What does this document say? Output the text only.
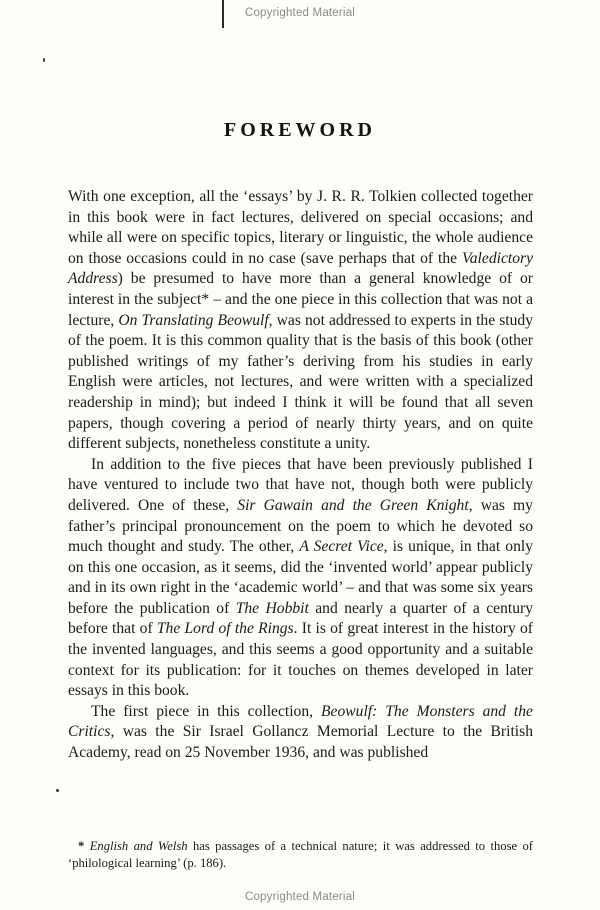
Copyrighted Material
FOREWORD

With one exception, all the ‘essays’ by J. R. R. Tolkien collected together in this book were in fact lectures, delivered on special occasions; and while all were on specific topics, literary or linguistic, the whole audience on those occasions could in no case (save perhaps that of the Valedictory Address) be presumed to have more than a general knowledge of or interest in the subject* – and the one piece in this collection that was not a lecture, On Translating Beowulf, was not addressed to experts in the study of the poem. It is this common quality that is the basis of this book (other published writings of my father’s deriving from his studies in early English were articles, not lectures, and were written with a specialized readership in mind); but indeed I think it will be found that all seven papers, though covering a period of nearly thirty years, and on quite different subjects, nonetheless constitute a unity.

In addition to the five pieces that have been previously published I have ventured to include two that have not, though both were publicly delivered. One of these, Sir Gawain and the Green Knight, was my father’s principal pronouncement on the poem to which he devoted so much thought and study. The other, A Secret Vice, is unique, in that only on this one occasion, as it seems, did the ‘invented world’ appear publicly and in its own right in the ‘academic world’ – and that was some six years before the publication of The Hobbit and nearly a quarter of a century before that of The Lord of the Rings. It is of great interest in the history of the invented languages, and this seems a good opportunity and a suitable context for its publication: for it touches on themes developed in later essays in this book.

The first piece in this collection, Beowulf: The Monsters and the Critics, was the Sir Israel Gollancz Memorial Lecture to the British Academy, read on 25 November 1936, and was published

* English and Welsh has passages of a technical nature; it was addressed to those of ‘philological learning’ (p. 186).
Copyrighted Material
